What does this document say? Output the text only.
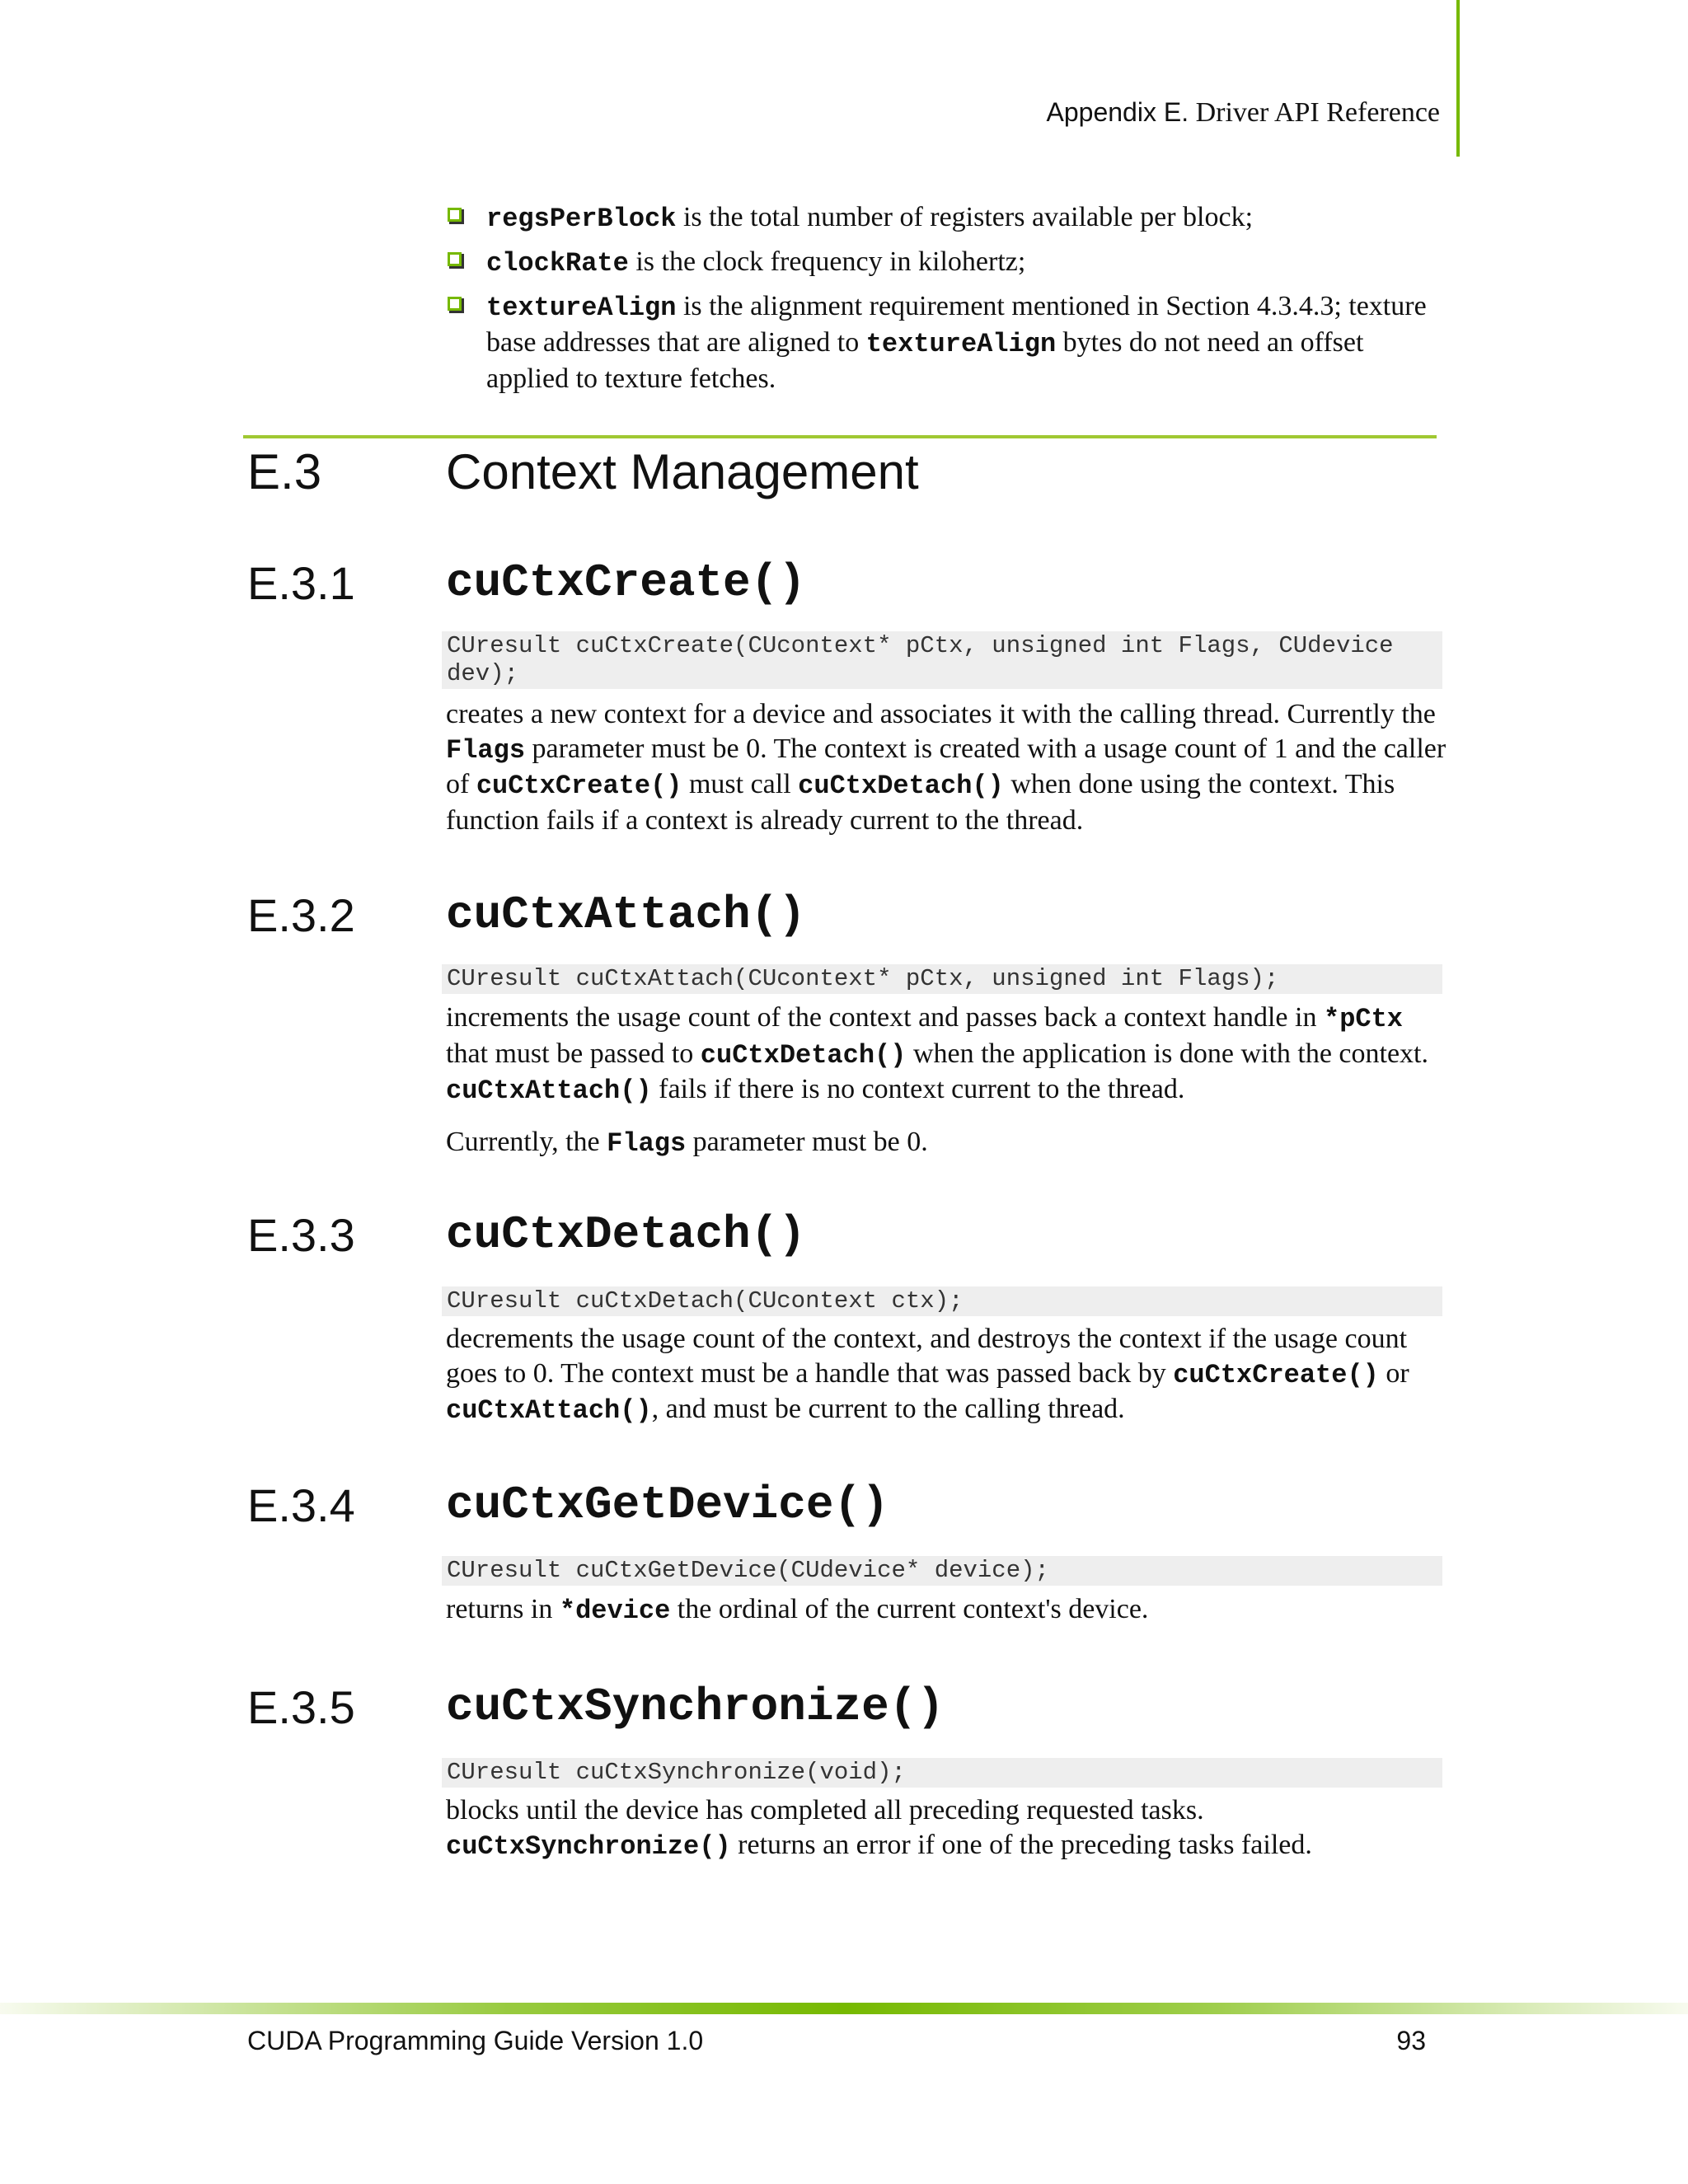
Appendix E. Driver API Reference
regsPerBlock is the total number of registers available per block;
clockRate is the clock frequency in kilohertz;
textureAlign is the alignment requirement mentioned in Section 4.3.4.3; texture base addresses that are aligned to textureAlign bytes do not need an offset applied to texture fetches.
E.3	Context Management
E.3.1 cuCtxCreate()
CUresult cuCtxCreate(CUcontext* pCtx, unsigned int Flags, CUdevice dev);

creates a new context for a device and associates it with the calling thread. Currently the Flags parameter must be 0. The context is created with a usage count of 1 and the caller of cuCtxCreate() must call cuCtxDetach() when done using the context. This function fails if a context is already current to the thread.

E.3.2 cuCtxAttach()
CUresult cuCtxAttach(CUcontext* pCtx, unsigned int Flags);

increments the usage count of the context and passes back a context handle in *pCtx that must be passed to cuCtxDetach() when the application is done with the context. cuCtxAttach() fails if there is no context current to the thread.

Currently, the Flags parameter must be 0.

E.3.3 cuCtxDetach()
CUresult cuCtxDetach(CUcontext ctx);

decrements the usage count of the context, and destroys the context if the usage count goes to 0. The context must be a handle that was passed back by cuCtxCreate() or cuCtxAttach(), and must be current to the calling thread.

E.3.4 cuCtxGetDevice()
CUresult cuCtxGetDevice(CUdevice* device);

returns in *device the ordinal of the current context's device.

E.3.5 cuCtxSynchronize()
CUresult cuCtxSynchronize(void);

blocks until the device has completed all preceding requested tasks. cuCtxSynchronize() returns an error if one of the preceding tasks failed.

CUDA Programming Guide Version 1.0	93
